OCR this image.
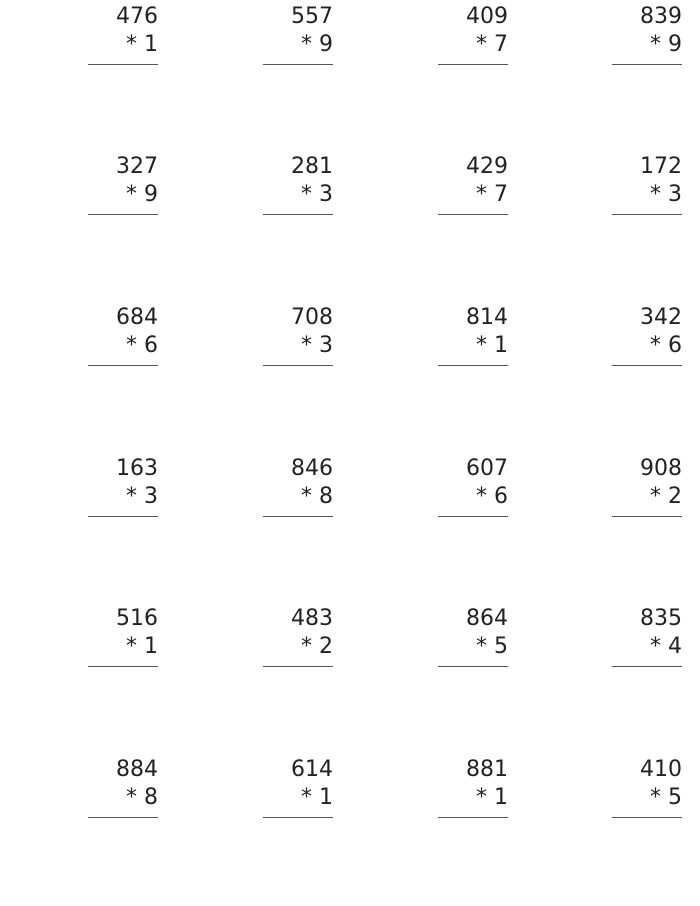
476
* 1
557
* 9
409
* 7
839
* 9
327
* 9
281
* 3
429
* 7
172
* 3
684
* 6
708
* 3
814
* 1
342
* 6
163
* 3
846
* 8
607
* 6
908
* 2
516
* 1
483
* 2
864
* 5
835
* 4
884
* 8
614
* 1
881
* 1
410
* 5
